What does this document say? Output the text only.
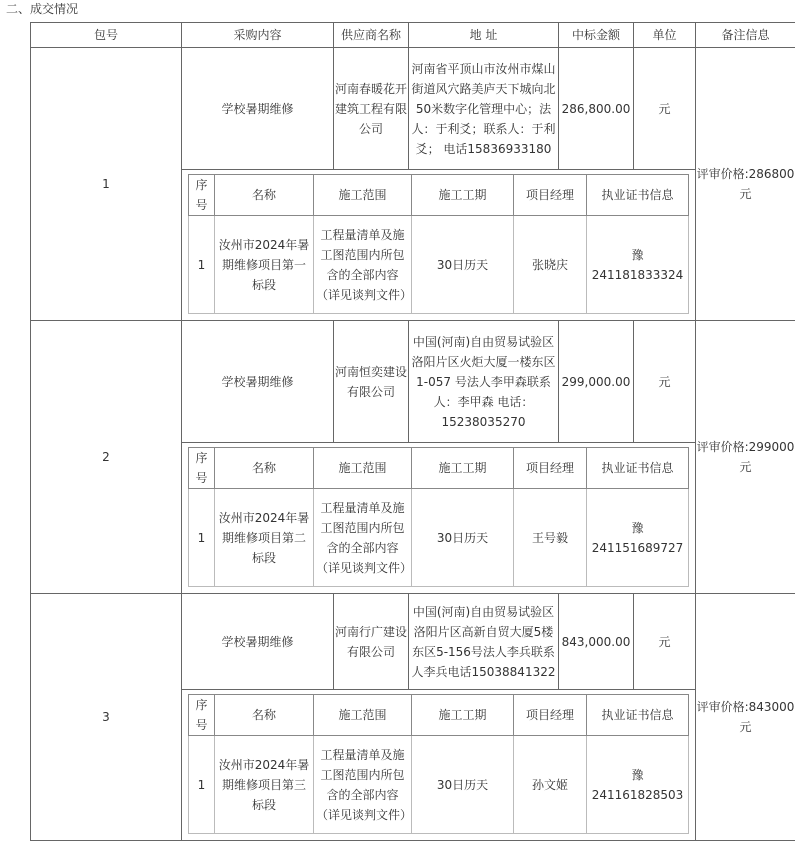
二、成交情况
包号	采购内容	供应商名称	地 址	中标金额	单位	备注信息
1	学校暑期维修	河南春暖花开建筑工程有限公司	河南省平顶山市汝州市煤山街道风穴路美庐天下城向北50米数字化管理中心；法人：于利爻；联系人：于利爻； 电话15836933180	286,800.00	元	评审价格:286800元

序号	名称	施工范围	施工工期	项目经理	执业证书信息
1	汝州市2024年暑期维修项目第一标段	工程量清单及施工图范围内所包含的全部内容（详见谈判文件）	30日历天	张晓庆	豫241181833324

2	学校暑期维修	河南恒奕建设有限公司	中国(河南)自由贸易试验区洛阳片区火炬大厦一楼东区1-057 号法人李甲森联系人：李甲森 电话：15238035270	299,000.00	元	评审价格:299000元

序号	名称	施工范围	施工工期	项目经理	执业证书信息
1	汝州市2024年暑期维修项目第二标段	工程量清单及施工图范围内所包含的全部内容（详见谈判文件）	30日历天	王号毅	豫241151689727

3	学校暑期维修	河南行广建设有限公司	中国(河南)自由贸易试验区洛阳片区高新自贸大厦5楼东区5-156号法人李兵联系人李兵电话15038841322	843,000.00	元	评审价格:843000元

序号	名称	施工范围	施工工期	项目经理	执业证书信息
1	汝州市2024年暑期维修项目第三标段	工程量清单及施工图范围内所包含的全部内容（详见谈判文件）	30日历天	孙文姬	豫241161828503
